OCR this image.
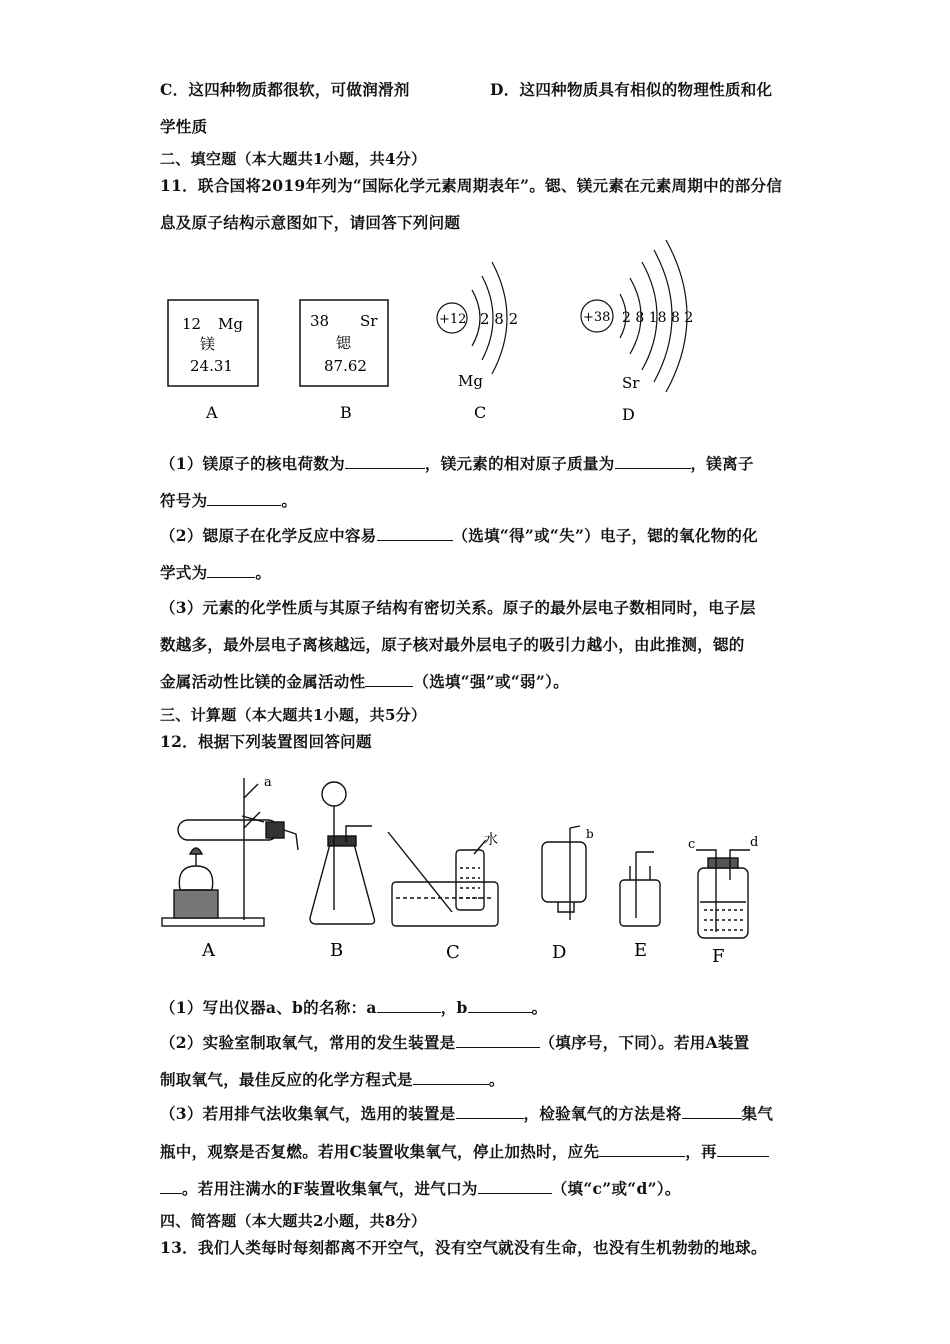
C．这四种物质都很软，可做润滑剂	D．这四种物质具有相似的物理性质和化
学性质
二、填空题（本大题共1小题，共4分）
11．联合国将2019年列为“国际化学元素周期表年”。锶、镁元素在元素周期中的部分信
息及原子结构示意图如下，请回答下列问题
12 Mg
镁
24.31
A
38 Sr
锶
87.62
B
+12 2 8 2
Mg
C
+38 2 8 18 8 2
Sr
D
（1）镁原子的核电荷数为	，镁元素的相对原子质量为	，镁离子
符号为	。
（2）锶原子在化学反应中容易	（选填“得”或“失”）电子，锶的氧化物的化
学式为	。
（3）元素的化学性质与其原子结构有密切关系。原子的最外层电子数相同时，电子层
数越多，最外层电子离核越远，原子核对最外层电子的吸引力越小，由此推测，锶的
金属活动性比镁的金属活动性	（选填“强”或“弱”）。
三、计算题（本大题共1小题，共5分）
12．根据下列装置图回答问题
a
b
c	d
水
A	B	C	D	E	F
（1）写出仪器a、b的名称：a	，b	。
（2）实验室制取氧气，常用的发生装置是	（填序号，下同）。若用A装置
制取氧气，最佳反应的化学方程式是	。
（3）若用排气法收集氧气，选用的装置是	，检验氧气的方法是将	集气
瓶中，观察是否复燃。若用C装置收集氧气，停止加热时，应先	，再
。若用注满水的F装置收集氧气，进气口为	（填“c”或“d”）。
四、简答题（本大题共2小题，共8分）
13．我们人类每时每刻都离不开空气，没有空气就没有生命，也没有生机勃勃的地球。
